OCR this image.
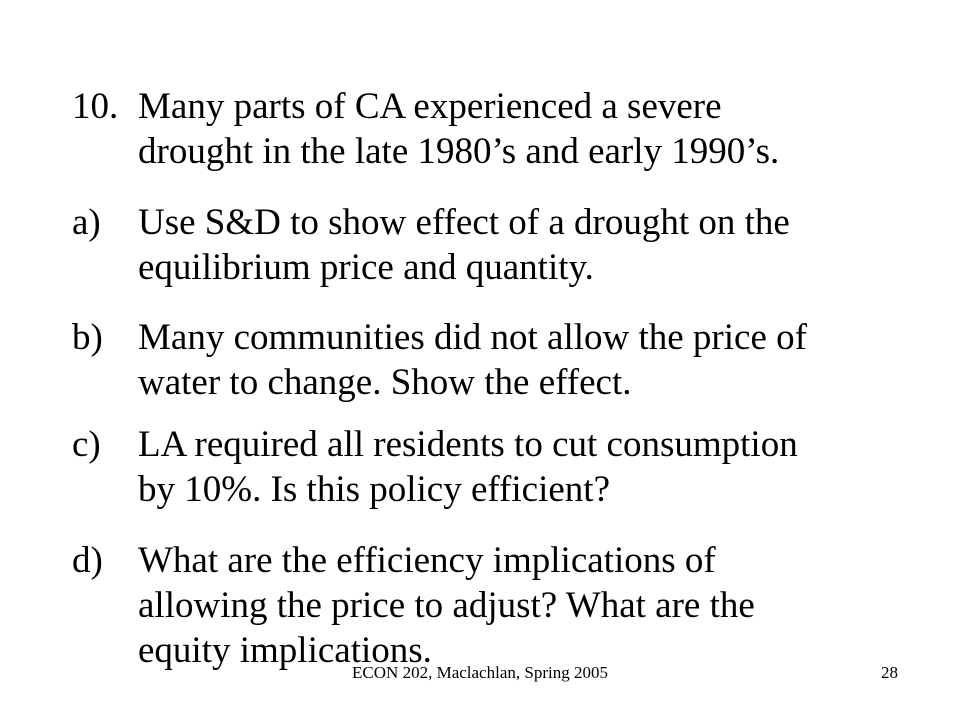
10. Many parts of CA experienced a severe
drought in the late 1980’s and early 1990’s.
a) Use S&D to show effect of a drought on the
equilibrium price and quantity.
b) Many communities did not allow the price of
water to change. Show the effect.
c) LA required all residents to cut consumption
by 10%. Is this policy efficient?
d) What are the efficiency implications of
allowing the price to adjust? What are the
equity implications.
ECON 202, Maclachlan, Spring 2005	28
